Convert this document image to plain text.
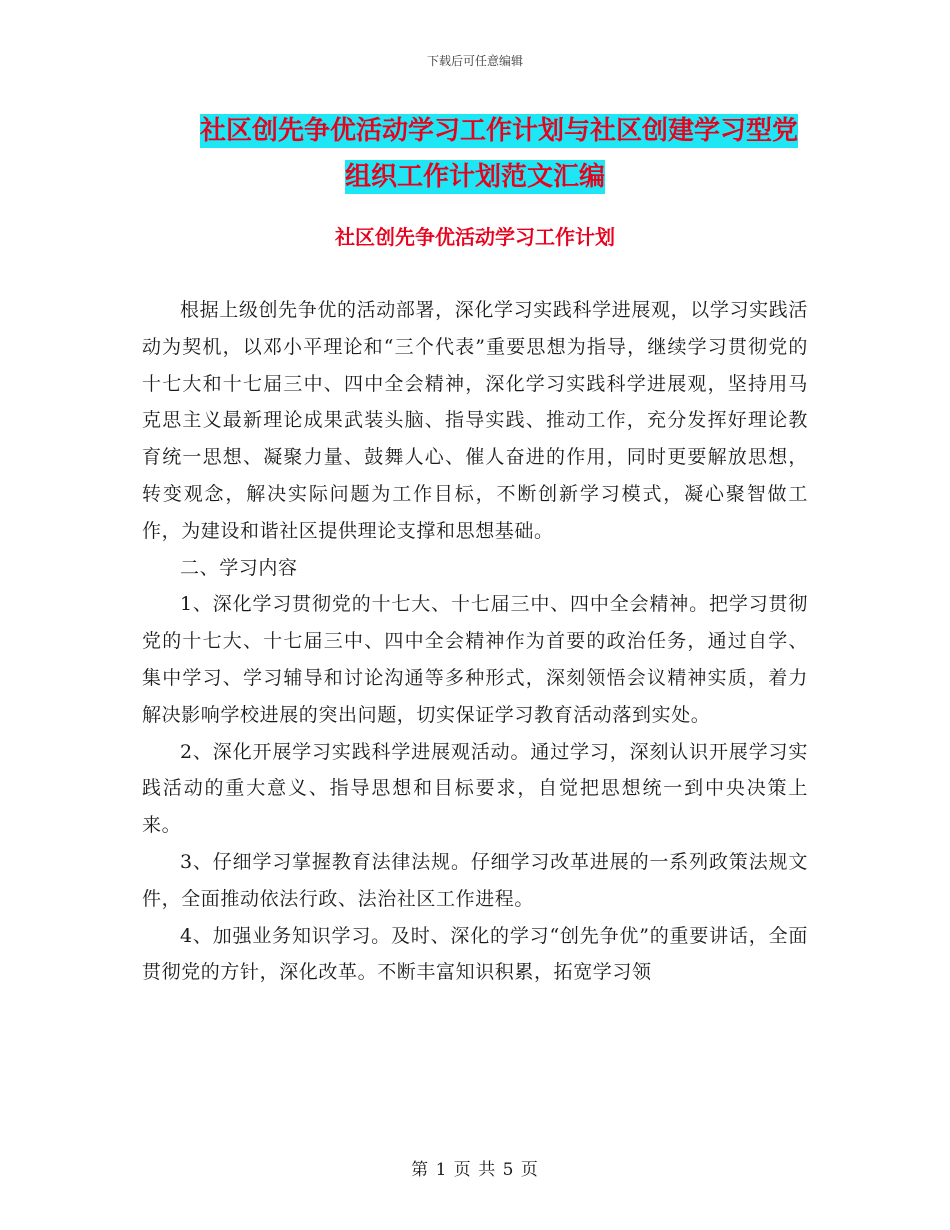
下载后可任意编辑
社区创先争优活动学习工作计划与社区创建学习型党
组织工作计划范文汇编
社区创先争优活动学习工作计划

根据上级创先争优的活动部署，深化学习实践科学进展观，以学习实践活动为契机，以邓小平理论和“三个代表”重要思想为指导，继续学习贯彻党的十七大和十七届三中、四中全会精神，深化学习实践科学进展观，坚持用马克思主义最新理论成果武装头脑、指导实践、推动工作，充分发挥好理论教育统一思想、凝聚力量、鼓舞人心、催人奋进的作用，同时更要解放思想，转变观念，解决实际问题为工作目标，不断创新学习模式，凝心聚智做工作，为建设和谐社区提供理论支撑和思想基础。

二、学习内容

1、深化学习贯彻党的十七大、十七届三中、四中全会精神。把学习贯彻党的十七大、十七届三中、四中全会精神作为首要的政治任务，通过自学、集中学习、学习辅导和讨论沟通等多种形式，深刻领悟会议精神实质，着力解决影响学校进展的突出问题，切实保证学习教育活动落到实处。

2、深化开展学习实践科学进展观活动。通过学习，深刻认识开展学习实践活动的重大意义、指导思想和目标要求，自觉把思想统一到中央决策上来。

3、仔细学习掌握教育法律法规。仔细学习改革进展的一系列政策法规文件，全面推动依法行政、法治社区工作进程。

4、加强业务知识学习。及时、深化的学习“创先争优”的重要讲话，全面贯彻党的方针，深化改革。不断丰富知识积累，拓宽学习领

第 1 页 共 5 页
